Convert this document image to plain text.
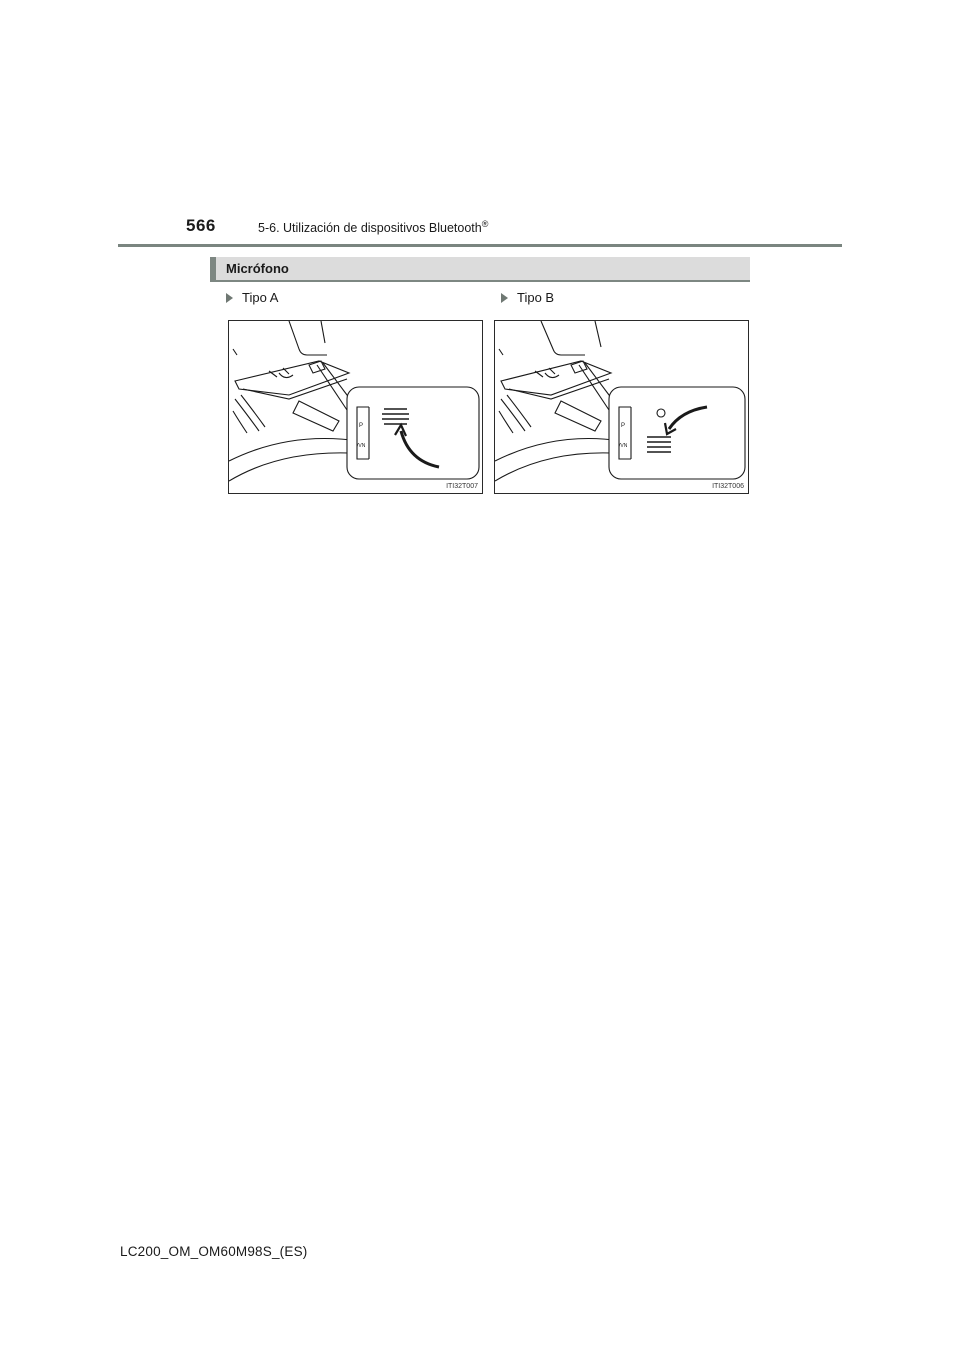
566	5-6. Utilización de dispositivos Bluetooth®
Micrófono
Tipo A	Tipo B
P
/VN
ITI32T007
P
/VN
ITI32T006
LC200_OM_OM60M98S_(ES)
